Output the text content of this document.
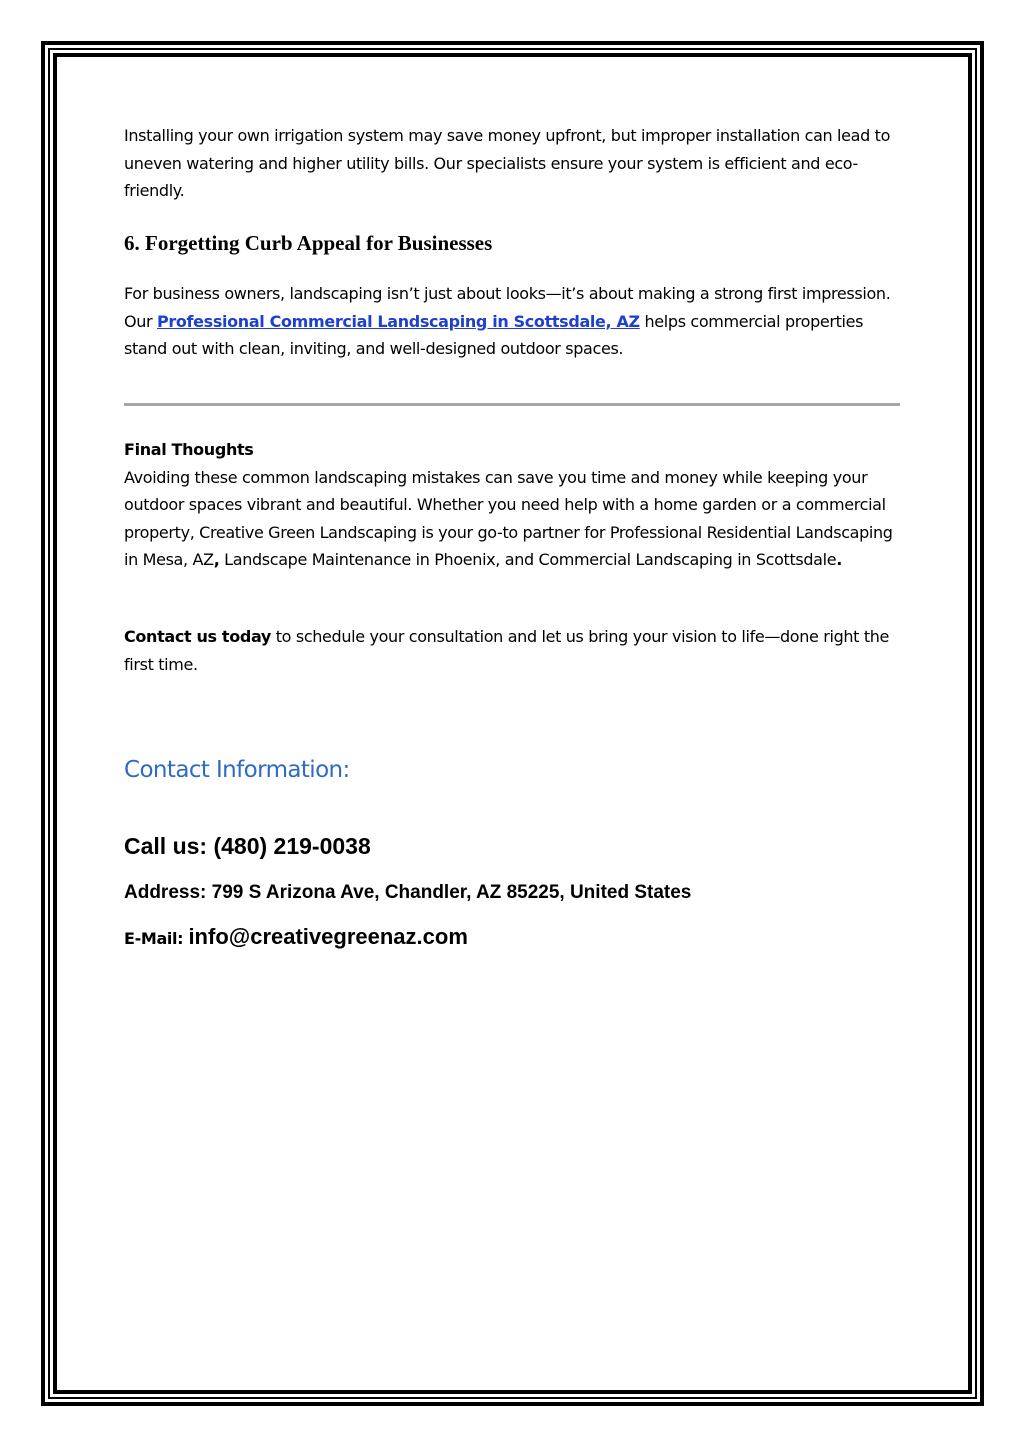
Installing your own irrigation system may save money upfront, but improper installation can lead to uneven watering and higher utility bills. Our specialists ensure your system is efficient and eco-friendly.

6. Forgetting Curb Appeal for Businesses

For business owners, landscaping isn’t just about looks—it’s about making a strong first impression. Our Professional Commercial Landscaping in Scottsdale, AZ helps commercial properties stand out with clean, inviting, and well-designed outdoor spaces.

Final Thoughts
Avoiding these common landscaping mistakes can save you time and money while keeping your outdoor spaces vibrant and beautiful. Whether you need help with a home garden or a commercial property, Creative Green Landscaping is your go-to partner for Professional Residential Landscaping in Mesa, AZ, Landscape Maintenance in Phoenix, and Commercial Landscaping in Scottsdale.

Contact us today to schedule your consultation and let us bring your vision to life—done right the first time.

Contact Information:

Call us: (480) 219-0038

Address: 799 S Arizona Ave, Chandler, AZ 85225, United States

E-Mail: info@creativegreenaz.com
